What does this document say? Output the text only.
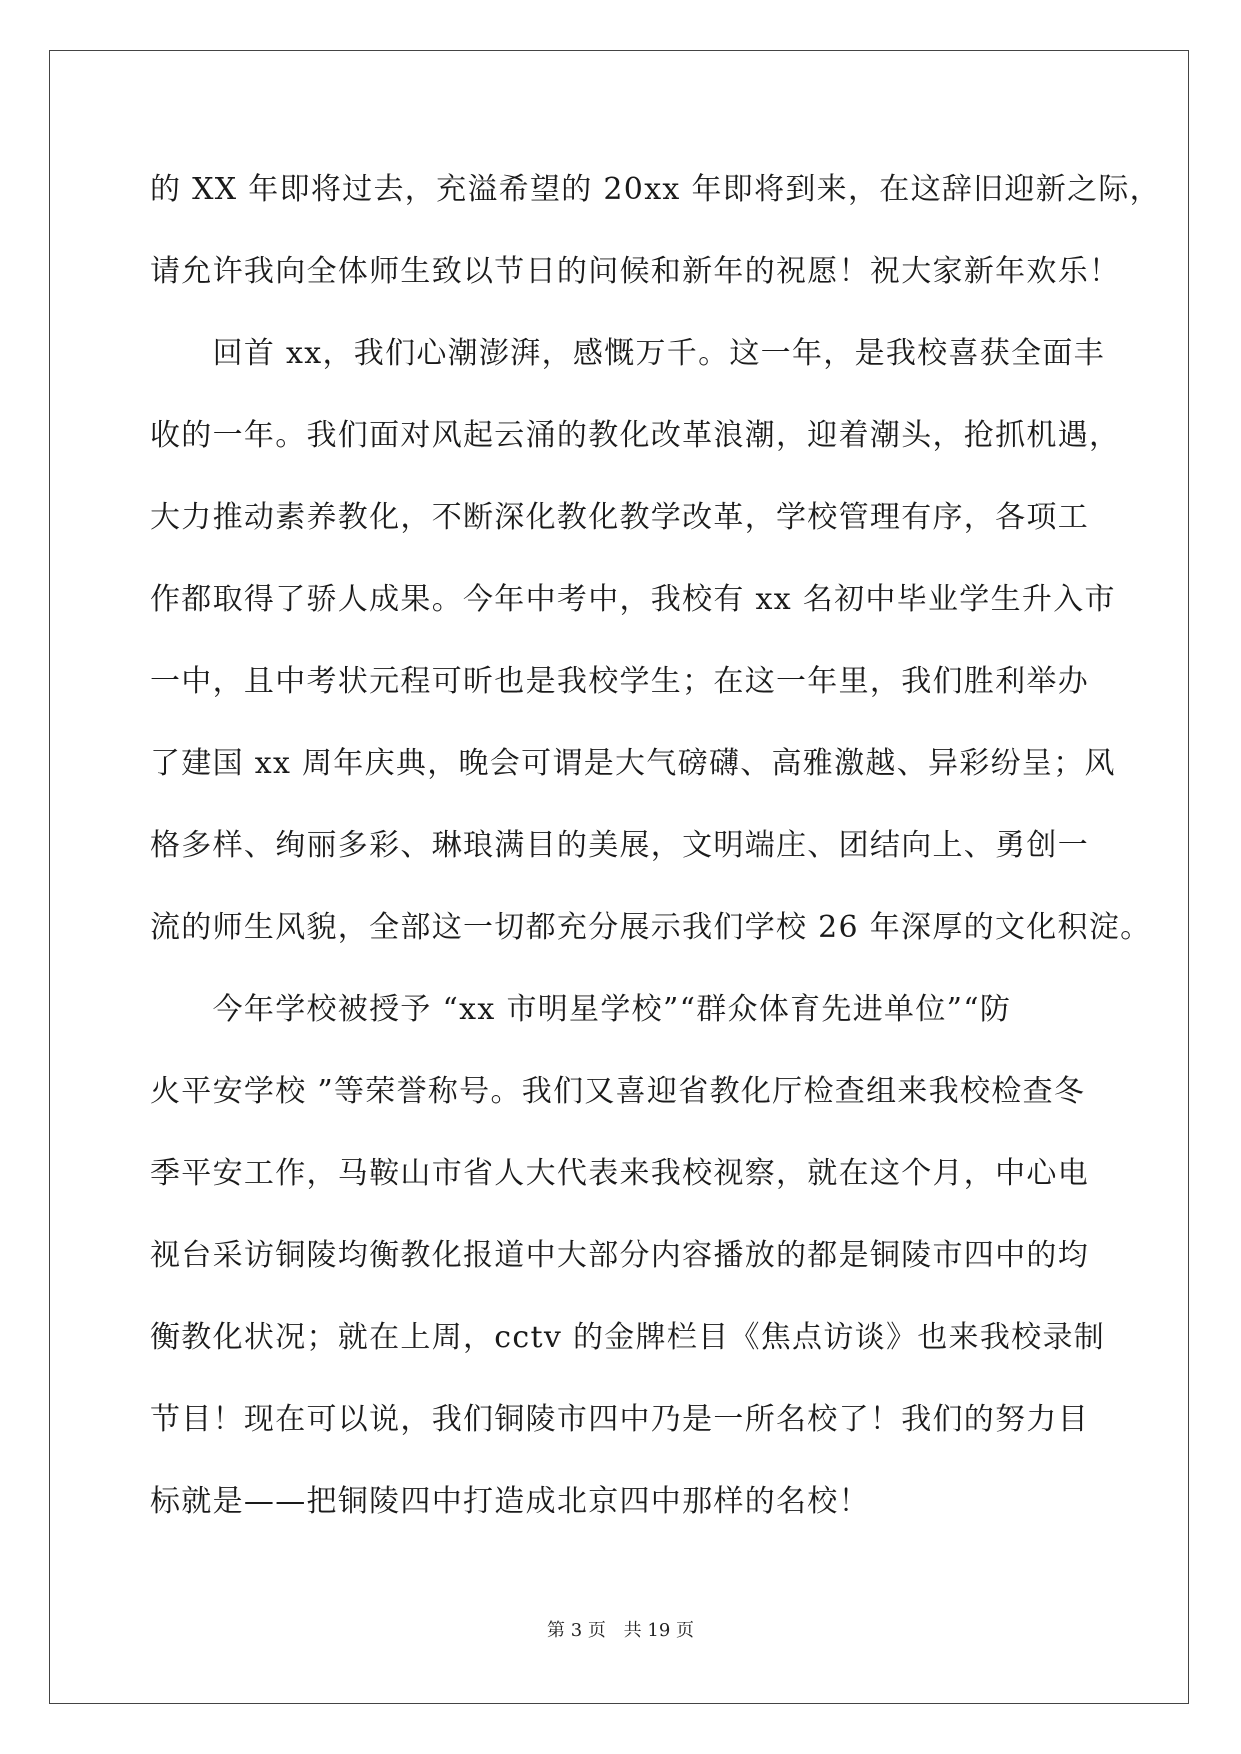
的 XX 年即将过去，充溢希望的 20xx 年即将到来，在这辞旧迎新之际，
请允许我向全体师生致以节日的问候和新年的祝愿！祝大家新年欢乐！
　　回首 xx，我们心潮澎湃，感慨万千。这一年，是我校喜获全面丰
收的一年。我们面对风起云涌的教化改革浪潮，迎着潮头，抢抓机遇，
大力推动素养教化，不断深化教化教学改革，学校管理有序，各项工
作都取得了骄人成果。今年中考中，我校有 xx 名初中毕业学生升入市
一中，且中考状元程可昕也是我校学生；在这一年里，我们胜利举办
了建国 xx 周年庆典，晚会可谓是大气磅礴、高雅激越、异彩纷呈；风
格多样、绚丽多彩、琳琅满目的美展，文明端庄、团结向上、勇创一
流的师生风貌，全部这一切都充分展示我们学校 26 年深厚的文化积淀。
　　今年学校被授予 “xx 市明星学校”“群众体育先进单位”“防
火平安学校 ”等荣誉称号。我们又喜迎省教化厅检查组来我校检查冬
季平安工作，马鞍山市省人大代表来我校视察，就在这个月，中心电
视台采访铜陵均衡教化报道中大部分内容播放的都是铜陵市四中的均
衡教化状况；就在上周，cctv 的金牌栏目《焦点访谈》也来我校录制
节目！现在可以说，我们铜陵市四中乃是一所名校了！我们的努力目
标就是——把铜陵四中打造成北京四中那样的名校！
第 3 页 共 19 页
